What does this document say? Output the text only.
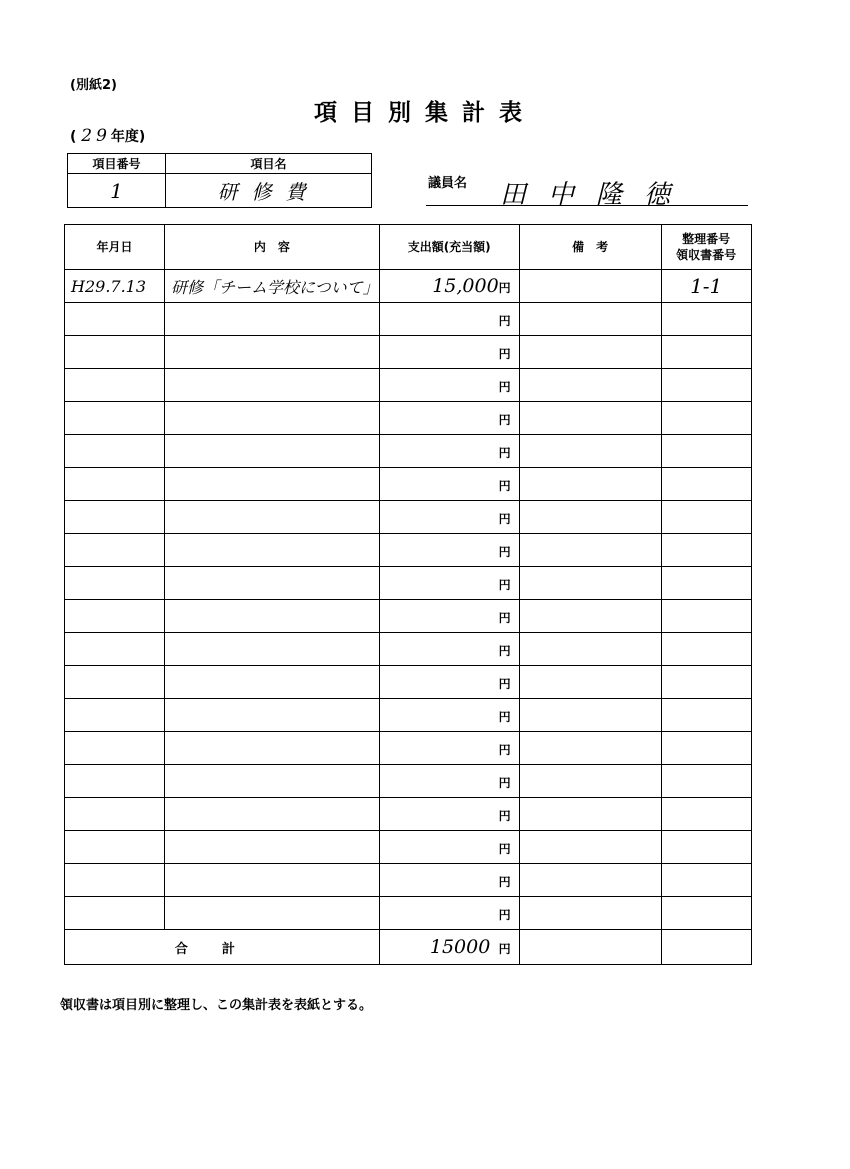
(別紙2)
項目別集計表
( 29年度)
項目番号	項目名
1	研修費	議員名 田中隆徳
年月日	内　容	支出額(充当額)	備　考	整理番号
領収書番号
H29.7.13	研修「チーム学校について」	15,000円		1-1
		円		
		円		
		円		
		円		
		円		
		円		
		円		
		円		
		円		
		円		
		円		
		円		
		円		
		円		
		円		
		円		
		円		
		円		
		円		
合計		15000 円		
領収書は項目別に整理し、この集計表を表紙とする。
